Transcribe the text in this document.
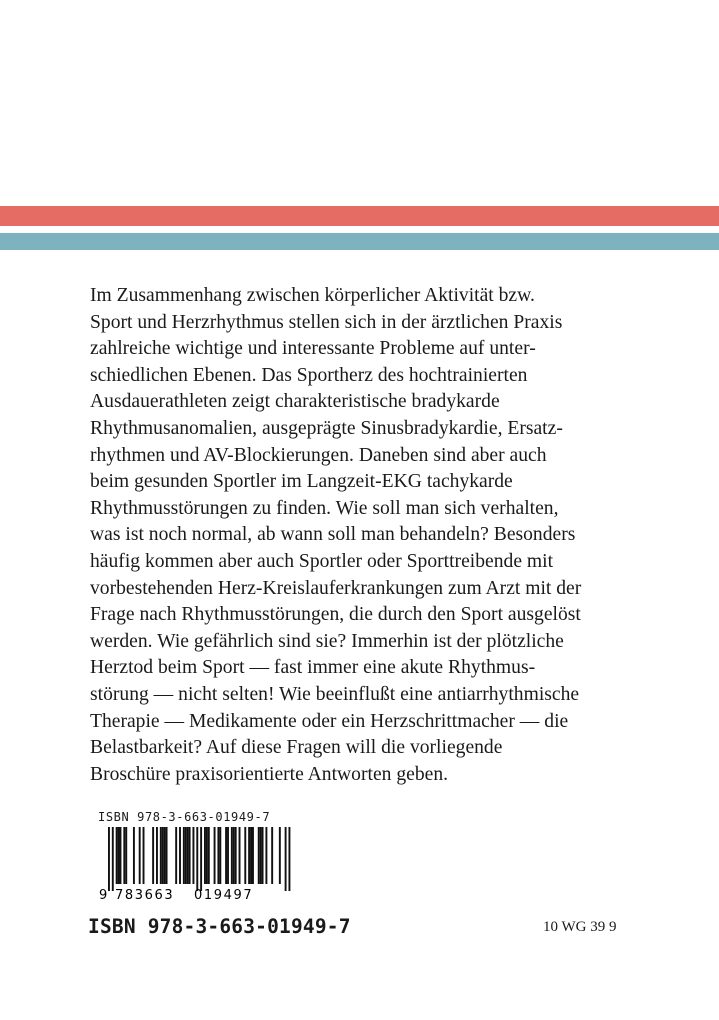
Im Zusammenhang zwischen körperlicher Aktivität bzw.
Sport und Herzrhythmus stellen sich in der ärztlichen Praxis
zahlreiche wichtige und interessante Probleme auf unter-
schiedlichen Ebenen. Das Sportherz des hochtrainierten
Ausdauerathleten zeigt charakteristische bradykarde
Rhythmusanomalien, ausgeprägte Sinusbradykardie, Ersatz-
rhythmen und AV-Blockierungen. Daneben sind aber auch
beim gesunden Sportler im Langzeit-EKG tachykarde
Rhythmusstörungen zu finden. Wie soll man sich verhalten,
was ist noch normal, ab wann soll man behandeln? Besonders
häufig kommen aber auch Sportler oder Sporttreibende mit
vorbestehenden Herz-Kreislauferkrankungen zum Arzt mit der
Frage nach Rhythmusstörungen, die durch den Sport ausgelöst
werden. Wie gefährlich sind sie? Immerhin ist der plötzliche
Herztod beim Sport — fast immer eine akute Rhythmus-
störung — nicht selten! Wie beeinflußt eine antiarrhythmische
Therapie — Medikamente oder ein Herzschrittmacher — die
Belastbarkeit? Auf diese Fragen will die vorliegende
Broschüre praxisorientierte Antworten geben.

ISBN 978-3-663-01949-7

9 783663 019497

ISBN 978-3-663-01949-7	10 WG 39 9
